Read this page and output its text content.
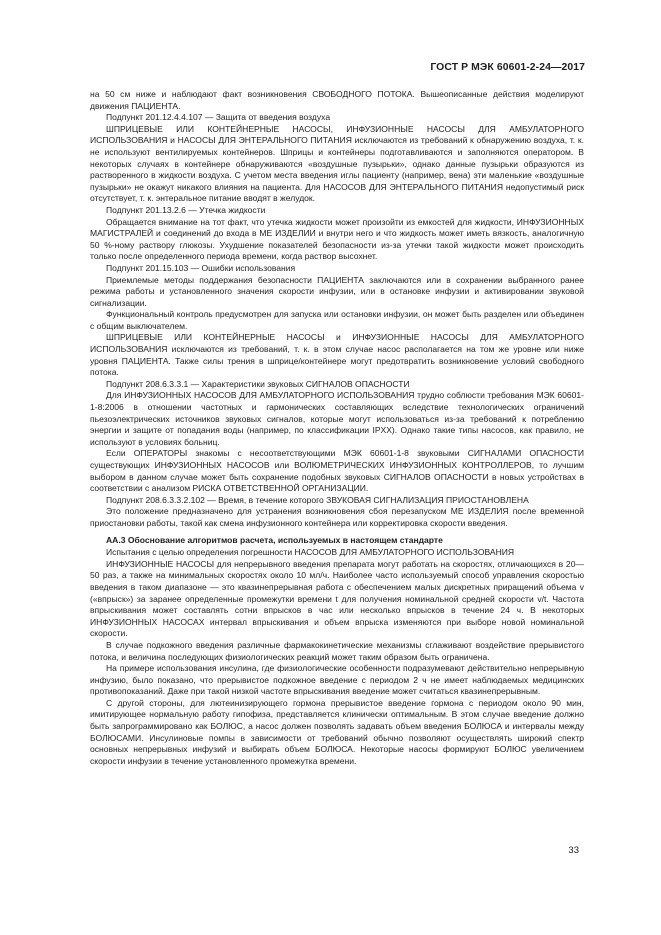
ГОСТ Р МЭК 60601-2-24—2017

на 50 см ниже и наблюдают факт возникновения СВОБОДНОГО ПОТОКА. Вышеописанные действия моделируют движения ПАЦИЕНТА.

Подпункт 201.12.4.4.107 — Защита от введения воздуха

ШПРИЦЕВЫЕ ИЛИ КОНТЕЙНЕРНЫЕ НАСОСЫ, ИНФУЗИОННЫЕ НАСОСЫ ДЛЯ АМБУЛАТОРНОГО ИСПОЛЬЗОВАНИЯ и НАСОСЫ ДЛЯ ЭНТЕРАЛЬНОГО ПИТАНИЯ исключаются из требований к обнаружению воздуха, т. к. не используют вентилируемых контейнеров. Шприцы и контейнеры подготавливаются и заполняются оператором. В некоторых случаях в контейнере обнаруживаются «воздушные пузырьки», однако данные пузырьки образуются из растворенного в жидкости воздуха. С учетом места введения иглы пациенту (например, вена) эти маленькие «воздушные пузырьки» не окажут никакого влияния на пациента. Для НАСОСОВ ДЛЯ ЭНТЕРАЛЬНОГО ПИТАНИЯ недопустимый риск отсутствует, т. к. энтеральное питание вводят в желудок.

Подпункт 201.13.2.6 — Утечка жидкости

Обращается внимание на тот факт, что утечка жидкости может произойти из емкостей для жидкости, ИНФУЗИОННЫХ МАГИСТРАЛЕЙ и соединений до входа в МЕ ИЗДЕЛИИ и внутри него и что жидкость может иметь вязкость, аналогичную 50 %-ному раствору глюкозы. Ухудшение показателей безопасности из-за утечки такой жидкости может происходить только после определенного периода времени, когда раствор высохнет.

Подпункт 201.15.103 — Ошибки использования

Приемлемые методы поддержания безопасности ПАЦИЕНТА заключаются или в сохранении выбранного ранее режима работы и установленного значения скорости инфузии, или в остановке инфузии и активировании звуковой сигнализации.

Функциональный контроль предусмотрен для запуска или остановки инфузии, он может быть разделен или объединен с общим выключателем.

ШПРИЦЕВЫЕ ИЛИ КОНТЕЙНЕРНЫЕ НАСОСЫ и ИНФУЗИОННЫЕ НАСОСЫ ДЛЯ АМБУЛАТОРНОГО ИСПОЛЬЗОВАНИЯ исключаются из требований, т. к. в этом случае насос располагается на том же уровне или ниже уровня ПАЦИЕНТА. Также силы трения в шприце/контейнере могут предотвратить возникновение условий свободного потока.

Подпункт 208.6.3.3.1 — Характеристики звуковых СИГНАЛОВ ОПАСНОСТИ

Для ИНФУЗИОННЫХ НАСОСОВ ДЛЯ АМБУЛАТОРНОГО ИСПОЛЬЗОВАНИЯ трудно соблюсти требования МЭК 60601-1-8:2006 в отношении частотных и гармонических составляющих вследствие технологических ограничений пьезоэлектрических источников звуковых сигналов, которые могут использоваться из-за требований к потреблению энергии и защите от попадания воды (например, по классификации IPXX). Однако такие типы насосов, как правило, не используют в условиях больниц.

Если ОПЕРАТОРЫ знакомы с несоответствующими МЭК 60601-1-8 звуковыми СИГНАЛАМИ ОПАСНОСТИ существующих ИНФУЗИОННЫХ НАСОСОВ или ВОЛЮМЕТРИЧЕСКИХ ИНФУЗИОННЫХ КОНТРОЛЛЕРОВ, то лучшим выбором в данном случае может быть сохранение подобных звуковых СИГНАЛОВ ОПАСНОСТИ в новых устройствах в соответствии с анализом РИСКА ОТВЕТСТВЕННОЙ ОРГАНИЗАЦИИ.

Подпункт 208.6.3.3.2.102 — Время, в течение которого ЗВУКОВАЯ СИГНАЛИЗАЦИЯ ПРИОСТАНОВЛЕНА

Это положение предназначено для устранения возникновения сбоя перезапуском МЕ ИЗДЕЛИЯ после временной приостановки работы, такой как смена инфузионного контейнера или корректировка скорости введения.

АА.3 Обоснование алгоритмов расчета, используемых в настоящем стандарте

Испытания с целью определения погрешности НАСОСОВ ДЛЯ АМБУЛАТОРНОГО ИСПОЛЬЗОВАНИЯ

ИНФУЗИОННЫЕ НАСОСЫ для непрерывного введения препарата могут работать на скоростях, отличающихся в 20—50 раз, а также на минимальных скоростях около 10 мл/ч. Наиболее часто используемый способ управления скоростью введения в таком диапазоне — это квазинепрерывная работа с обеспечением малых дискретных приращений объема v («впрыск») за заранее определенные промежутки времени t для получения номинальной средней скорости v/t. Частота впрыскивания может составлять сотни впрысков в час или несколько впрысков в течение 24 ч. В некоторых ИНФУЗИОННЫХ НАСОСАХ интервал впрыскивания и объем впрыска изменяются при выборе новой номинальной скорости.

В случае подкожного введения различные фармакокинетические механизмы сглаживают воздействие прерывистого потока, и величина последующих физиологических реакций может таким образом быть ограничена.

На примере использования инсулина, где физиологические особенности подразумевают действительно непрерывную инфузию, было показано, что прерывистое подкожное введение с периодом 2 ч не имеет наблюдаемых медицинских противопоказаний. Даже при такой низкой частоте впрыскивания введение может считаться квазинепрерывным.

С другой стороны, для лютеинизирующего гормона прерывистое введение гормона с периодом около 90 мин, имитирующее нормальную работу гипофиза, представляется клинически оптимальным. В этом случае введение должно быть запрограммировано как БОЛЮС, а насос должен позволять задавать объем введения БОЛЮСА и интервалы между БОЛЮСАМИ. Инсулиновые помпы в зависимости от требований обычно позволяют осуществлять широкий спектр основных непрерывных инфузий и выбирать объем БОЛЮСА. Некоторые насосы формируют БОЛЮС увеличением скорости инфузии в течение установленного промежутка времени.

33
